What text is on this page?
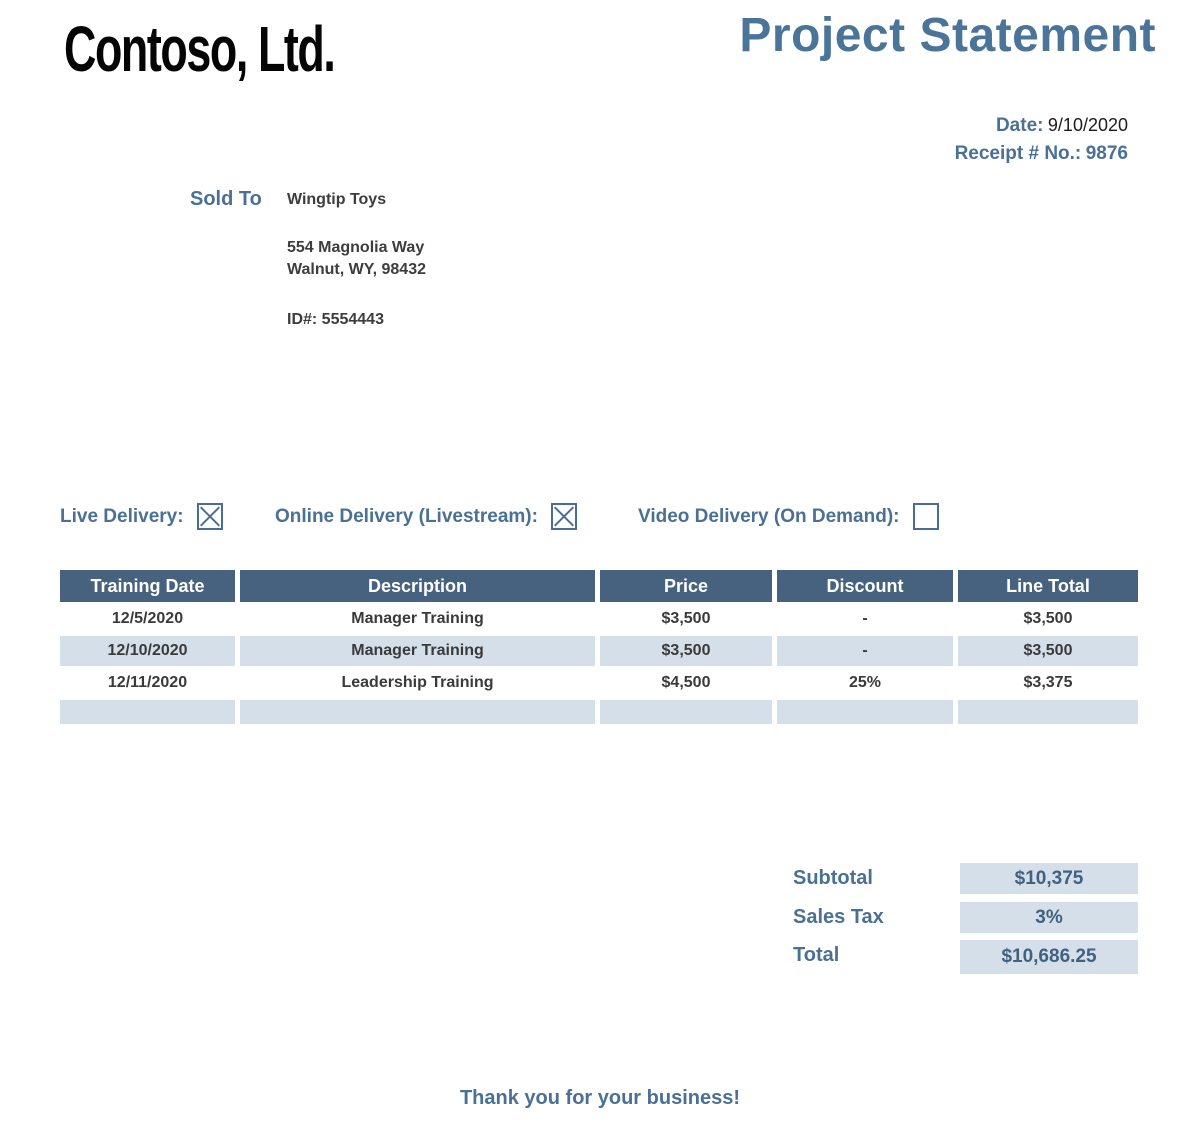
Contoso, Ltd.	Project Statement
Date: 9/10/2020
Receipt # No.: 9876
Sold To Wingtip Toys
554 Magnolia Way
Walnut, WY, 98432
ID#: 5554443
Live Delivery:	Online Delivery (Livestream):	Video Delivery (On Demand):
Training Date	Description	Price	Discount	Line Total
12/5/2020	Manager Training	$3,500	-	$3,500
12/10/2020	Manager Training	$3,500	-	$3,500
12/11/2020	Leadership Training	$4,500	25%	$3,375
Subtotal	$10,375
Sales Tax	3%
Total	$10,686.25
Thank you for your business!
